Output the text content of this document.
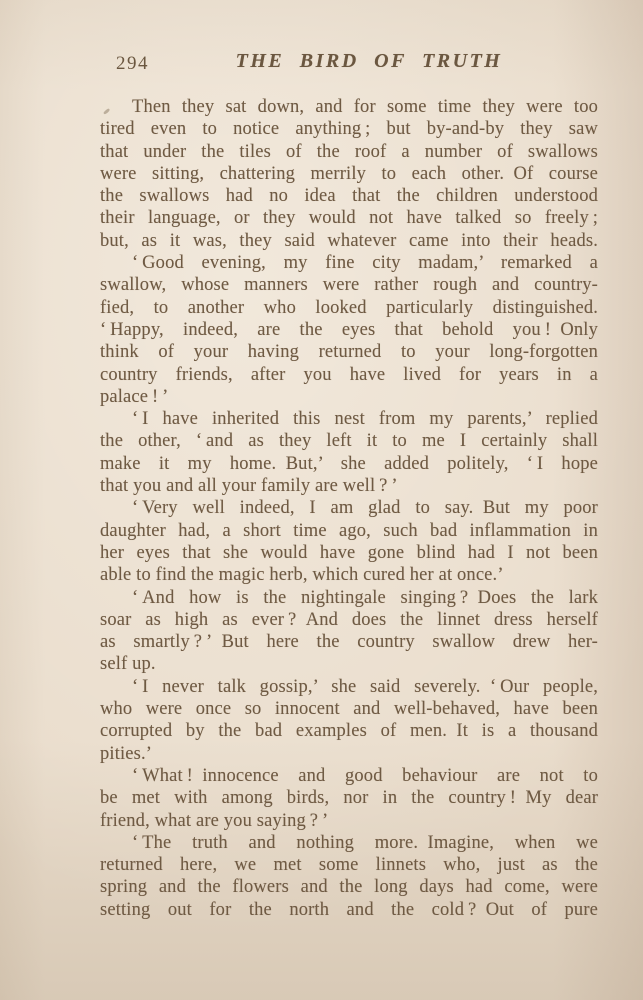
294	THE BIRD OF TRUTH
Then they sat down, and for some time they were too
tired even to notice anything ; but by-and-by they saw
that under the tiles of the roof a number of swallows
were sitting, chattering merrily to each other. Of course
the swallows had no idea that the children understood
their language, or they would not have talked so freely ;
but, as it was, they said whatever came into their heads.
‘ Good evening, my fine city madam,’ remarked a
swallow, whose manners were rather rough and country-
fied, to another who looked particularly distinguished.
‘ Happy, indeed, are the eyes that behold you ! Only
think of your having returned to your long-forgotten
country friends, after you have lived for years in a
palace ! ’
‘ I have inherited this nest from my parents,’ replied
the other, ‘ and as they left it to me I certainly shall
make it my home. But,’ she added politely, ‘ I hope
that you and all your family are well ? ’
‘ Very well indeed, I am glad to say. But my poor
daughter had, a short time ago, such bad inflammation in
her eyes that she would have gone blind had I not been
able to find the magic herb, which cured her at once.’
‘ And how is the nightingale singing ? Does the lark
soar as high as ever ? And does the linnet dress herself
as smartly ? ’ But here the country swallow drew her-
self up.
‘ I never talk gossip,’ she said severely. ‘ Our people,
who were once so innocent and well-behaved, have been
corrupted by the bad examples of men. It is a thousand
pities.’
‘ What ! innocence and good behaviour are not to
be met with among birds, nor in the country ! My dear
friend, what are you saying ? ’
‘ The truth and nothing more. Imagine, when we
returned here, we met some linnets who, just as the
spring and the flowers and the long days had come, were
setting out for the north and the cold ? Out of pure
